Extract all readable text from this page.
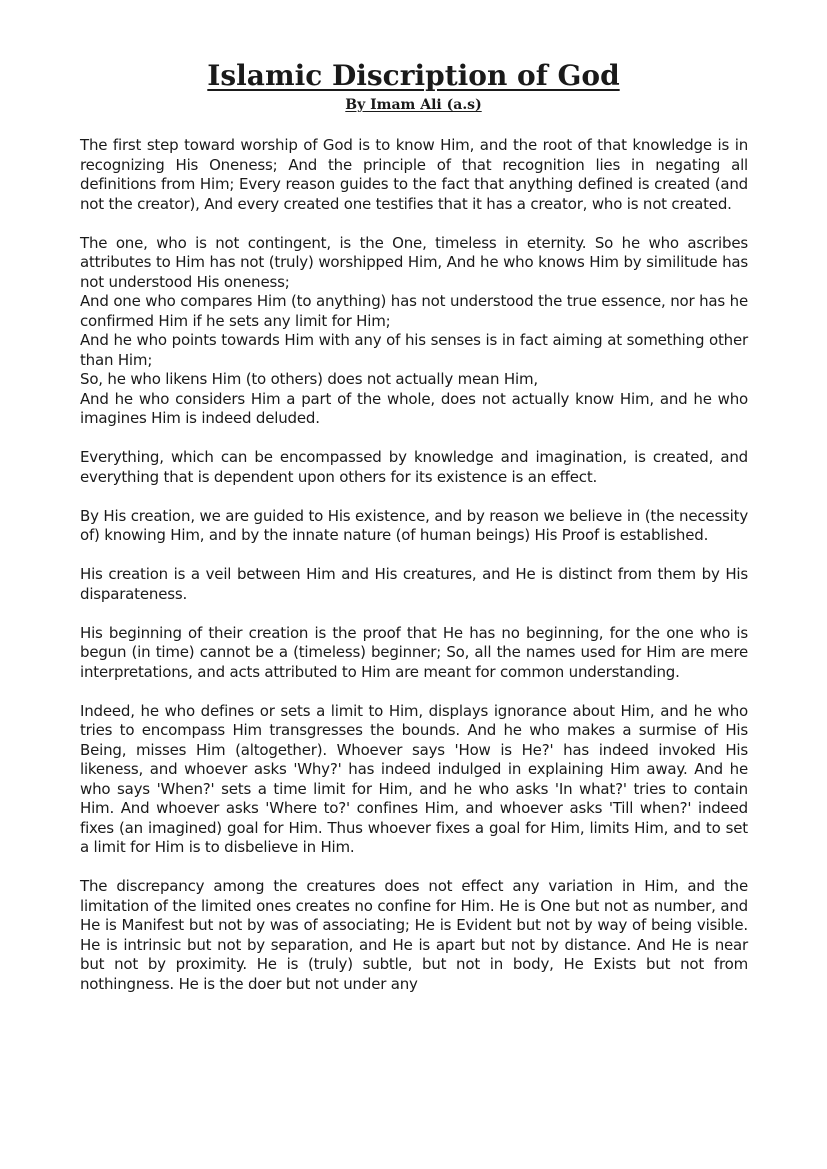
Islamic Discription of God
By Imam Ali (a.s)
The first step toward worship of God is to know Him, and the root of that knowledge is in recognizing His Oneness; And the principle of that recognition lies in negating all definitions from Him; Every reason guides to the fact that anything defined is created (and not the creator), And every created one testifies that it has a creator, who is not created.
The one, who is not contingent, is the One, timeless in eternity. So he who ascribes attributes to Him has not (truly) worshipped Him, And he who knows Him by similitude has not understood His oneness;
And one who compares Him (to anything) has not understood the true essence, nor has he confirmed Him if he sets any limit for Him;
And he who points towards Him with any of his senses is in fact aiming at something other than Him;
So, he who likens Him (to others) does not actually mean Him,
And he who considers Him a part of the whole, does not actually know Him, and he who imagines Him is indeed deluded.
Everything, which can be encompassed by knowledge and imagination, is created, and everything that is dependent upon others for its existence is an effect.
By His creation, we are guided to His existence, and by reason we believe in (the necessity of) knowing Him, and by the innate nature (of human beings) His Proof is established.
His creation is a veil between Him and His creatures, and He is distinct from them by His disparateness.
His beginning of their creation is the proof that He has no beginning, for the one who is begun (in time) cannot be a (timeless) beginner; So, all the names used for Him are mere interpretations, and acts attributed to Him are meant for common understanding.
Indeed, he who defines or sets a limit to Him, displays ignorance about Him, and he who tries to encompass Him transgresses the bounds. And he who makes a surmise of His Being, misses Him (altogether). Whoever says 'How is He?' has indeed invoked His likeness, and whoever asks 'Why?' has indeed indulged in explaining Him away. And he who says 'When?' sets a time limit for Him, and he who asks 'In what?' tries to contain Him. And whoever asks 'Where to?' confines Him, and whoever asks 'Till when?' indeed fixes (an imagined) goal for Him. Thus whoever fixes a goal for Him, limits Him, and to set a limit for Him is to disbelieve in Him.
The discrepancy among the creatures does not effect any variation in Him, and the limitation of the limited ones creates no confine for Him. He is One but not as number, and He is Manifest but not by was of associating; He is Evident but not by way of being visible. He is intrinsic but not by separation, and He is apart but not by distance. And He is near but not by proximity. He is (truly) subtle, but not in body, He Exists but not from nothingness. He is the doer but not under any
